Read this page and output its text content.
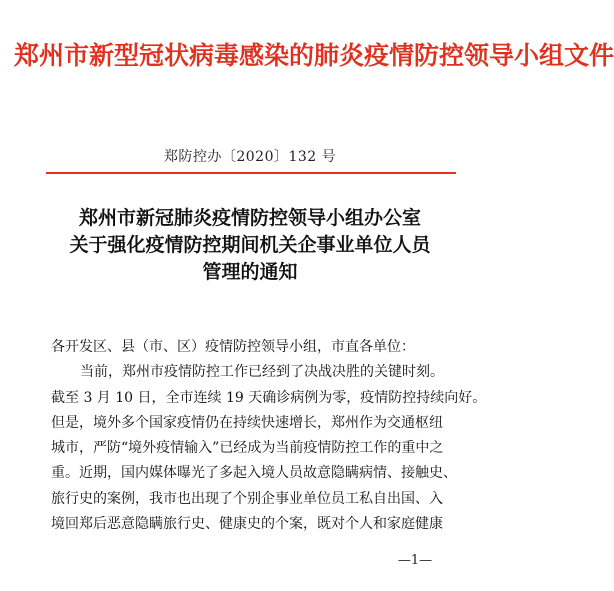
郑州市新型冠状病毒感染的肺炎疫情防控领导小组文件
郑防控办〔2020〕132 号
郑州市新冠肺炎疫情防控领导小组办公室
关于强化疫情防控期间机关企事业单位人员
管理的通知
各开发区、县（市、区）疫情防控领导小组，市直各单位：
当前，郑州市疫情防控工作已经到了决战决胜的关键时刻。
截至 3 月 10 日，全市连续 19 天确诊病例为零，疫情防控持续向好。
但是，境外多个国家疫情仍在持续快速增长，郑州作为交通枢纽
城市，严防“境外疫情输入”已经成为当前疫情防控工作的重中之
重。近期，国内媒体曝光了多起入境人员故意隐瞒病情、接触史、
旅行史的案例，我市也出现了个别企事业单位员工私自出国、入
境回郑后恶意隐瞒旅行史、健康史的个案，既对个人和家庭健康
—1—
